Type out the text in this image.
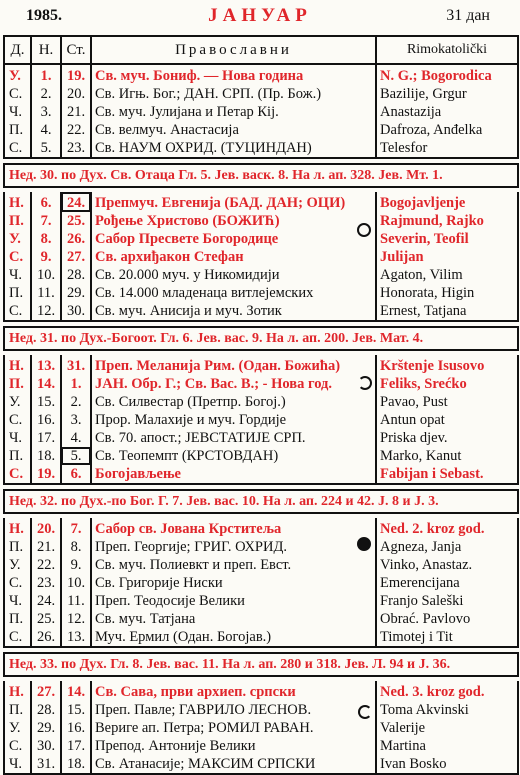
1985.	ЈАНУАР	31 дан
Д.	Н.	Ст.	Православни	Rimokatolički
У.	1.	19.	Св. муч. Бониф. — Нова година	N. G.; Bogorodica
С.	2.	20.	Св. Игњ. Бог.; ДАН. СРП. (Пр. Бож.)	Bazilije, Grgur
Ч.	3.	21.	Св. муч. Јулијана и Петар Кij.	Anastazija
П.	4.	22.	Св. велмуч. Анастасија	Dafroza, Anđelka
С.	5.	23.	Св. НАУМ ОХРИД. (ТУЦИНДАН)	Telesfor

Нед. 30. по Дух. Св. Отаца Гл. 5. Јев. васк. 8. На л. ап. 328. Јев. Мт. 1.				

Н.	6.	24.	Препмуч. Евгенија (БАД. ДАН; ОЦИ)	Bogojavljenje
П.	7.	25.	Рођење Христово (БОЖИЋ)	Rajmund, Rajko
У.	8.	26.	Сабор Пресвете Богородице	Severin, Teofil
С.	9.	27.	Св. архиђакон Стефан	Julijan
Ч.	10.	28.	Св. 20.000 муч. у Никомидији	Agaton, Vilim
П.	11.	29.	Св. 14.000 младенаца витлејемских	Honorata, Higin
С.	12.	30.	Св. муч. Анисија и муч. Зотик	Ernest, Tatjana

Нед. 31. по Дух.-Богоот. Гл. 6. Јев. вас. 9. На л. ап. 200. Јев. Мат. 4.				

Н.	13.	31.	Преп. Меланија Рим. (Одан. Божића)	Krštenje Isusovo
П.	14.	1.	ЈАН. Обр. Г.; Св. Вас. В.; - Нова год.	Feliks, Srećko
У.	15.	2.	Св. Силвестар (Претпр. Богој.)	Pavao, Pust
С.	16.	3.	Прор. Малахије и муч. Гордије	Antun opat
Ч.	17.	4.	Св. 70. апост.; ЈЕВСТАТИЈЕ СРП.	Priska djev.
П.	18.	5.	Св. Теопемпт (КРСТОВДАН)	Marko, Kanut
С.	19.	6.	Богојављење	Fabijan i Sebast.

Нед. 32. по Дух.-по Бог. Г. 7. Јев. вас. 10. На л. ап. 224 и 42. Ј. 8 и Ј. 3.				

Н.	20.	7.	Сабор св. Јована Крститеља	Ned. 2. kroz god.
П.	21.	8.	Преп. Георгије; ГРИГ. ОХРИД.	Agneza, Janja
У.	22.	9.	Св. муч. Полиевкт и преп. Евст.	Vinko, Anastaz.
С.	23.	10.	Св. Григорије Ниски	Emerencijana
Ч.	24.	11.	Преп. Теодосије Велики	Franjo Saleški
П.	25.	12.	Св. муч. Татјана	Obrać. Pavlovo
С.	26.	13.	Муч. Ермил (Одан. Богојав.)	Timotej i Tit

Нед. 33. по Дух. Гл. 8. Јев. вас. 11. На л. ап. 280 и 318. Јев. Л. 94 и Ј. 36.				

Н.	27.	14.	Св. Сава, први архиеп. српски	Ned. 3. kroz god.
П.	28.	15.	Преп. Павле; ГАВРИЛО ЛЕСНОВ.	Toma Akvinski
У.	29.	16.	Вериге ап. Петра; РОМИЛ РАВАН.	Valerije
С.	30.	17.	Препод. Антоније Велики	Martina
Ч.	31.	18.	Св. Атанасије; МАКСИМ СРПСКИ	Ivan Bosko
